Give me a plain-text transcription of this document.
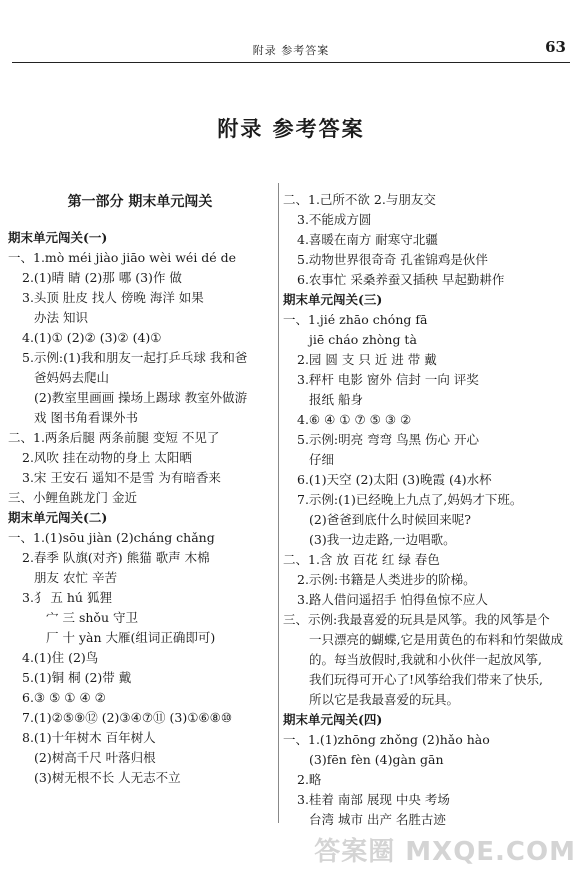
附录 参考答案	63
附录 参考答案
第一部分 期末单元闯关
期末单元闯关(一)
一、1.mò méi jiào jiāo wèi wéi dé de
2.(1)晴 睛 (2)那 哪 (3)作 做
3.头顶 肚皮 找人 傍晚 海洋 如果
办法 知识
4.(1)① (2)② (3)② (4)①
5.示例:(1)我和朋友一起打乒乓球 我和爸
爸妈妈去爬山
(2)教室里画画 操场上踢球 教室外做游
戏 图书角看课外书
二、1.两条后腿 两条前腿 变短 不见了
2.风吹 挂在动物的身上 太阳晒
3.宋 王安石 遥知不是雪 为有暗香来
三、小鲤鱼跳龙门 金近
期末单元闯关(二)
一、1.(1)sōu jiàn (2)cháng chǎng
2.春季 队旗(对齐) 熊猫 歌声 木棉
朋友 农忙 辛苦
3.犭 五 hú 狐狸
宀 三 shǒu 守卫
厂 十 yàn 大雁(组词正确即可)
4.(1)住 (2)鸟
5.(1)铜 桐 (2)带 戴
6.③ ⑤ ① ④ ②
7.(1)②⑤⑨⑫ (2)③④⑦⑪ (3)①⑥⑧⑩
8.(1)十年树木 百年树人
(2)树高千尺 叶落归根
(3)树无根不长 人无志不立
二、1.己所不欲 2.与朋友交
3.不能成方圆
4.喜暖在南方 耐寒守北疆
5.动物世界很奇奇 孔雀锦鸡是伙伴
6.农事忙 采桑养蚕又插秧 早起勤耕作
期末单元闯关(三)
一、1.jié zhāo chóng fā
jiē cháo zhòng tà
2.园 圆 支 只 近 进 带 戴
3.秤杆 电影 窗外 信封 一向 评奖
报纸 船身
4.⑥ ④ ① ⑦ ⑤ ③ ②
5.示例:明亮 弯弯 鸟黑 伤心 开心
仔细
6.(1)天空 (2)太阳 (3)晚霞 (4)水杯
7.示例:(1)已经晚上九点了,妈妈才下班。
(2)爸爸到底什么时候回来呢?
(3)我一边走路,一边唱歌。
二、1.含 放 百花 红 绿 春色
2.示例:书籍是人类进步的阶梯。
3.路人借问遥招手 怕得鱼惊不应人
三、示例:我最喜爱的玩具是风筝。我的风筝是个
一只漂亮的蝴蝶,它是用黄色的布料和竹架做成
的。每当放假时,我就和小伙伴一起放风筝,
我们玩得可开心了!风筝给我们带来了快乐,
所以它是我最喜爱的玩具。
期末单元闯关(四)
一、1.(1)zhōng zhǒng (2)hǎo hào
(3)fēn fèn (4)gàn gān
2.略
3.桂着 南部 展现 中央 考场
台湾 城市 出产 名胜古迹
答案圈 MXQE.COM
